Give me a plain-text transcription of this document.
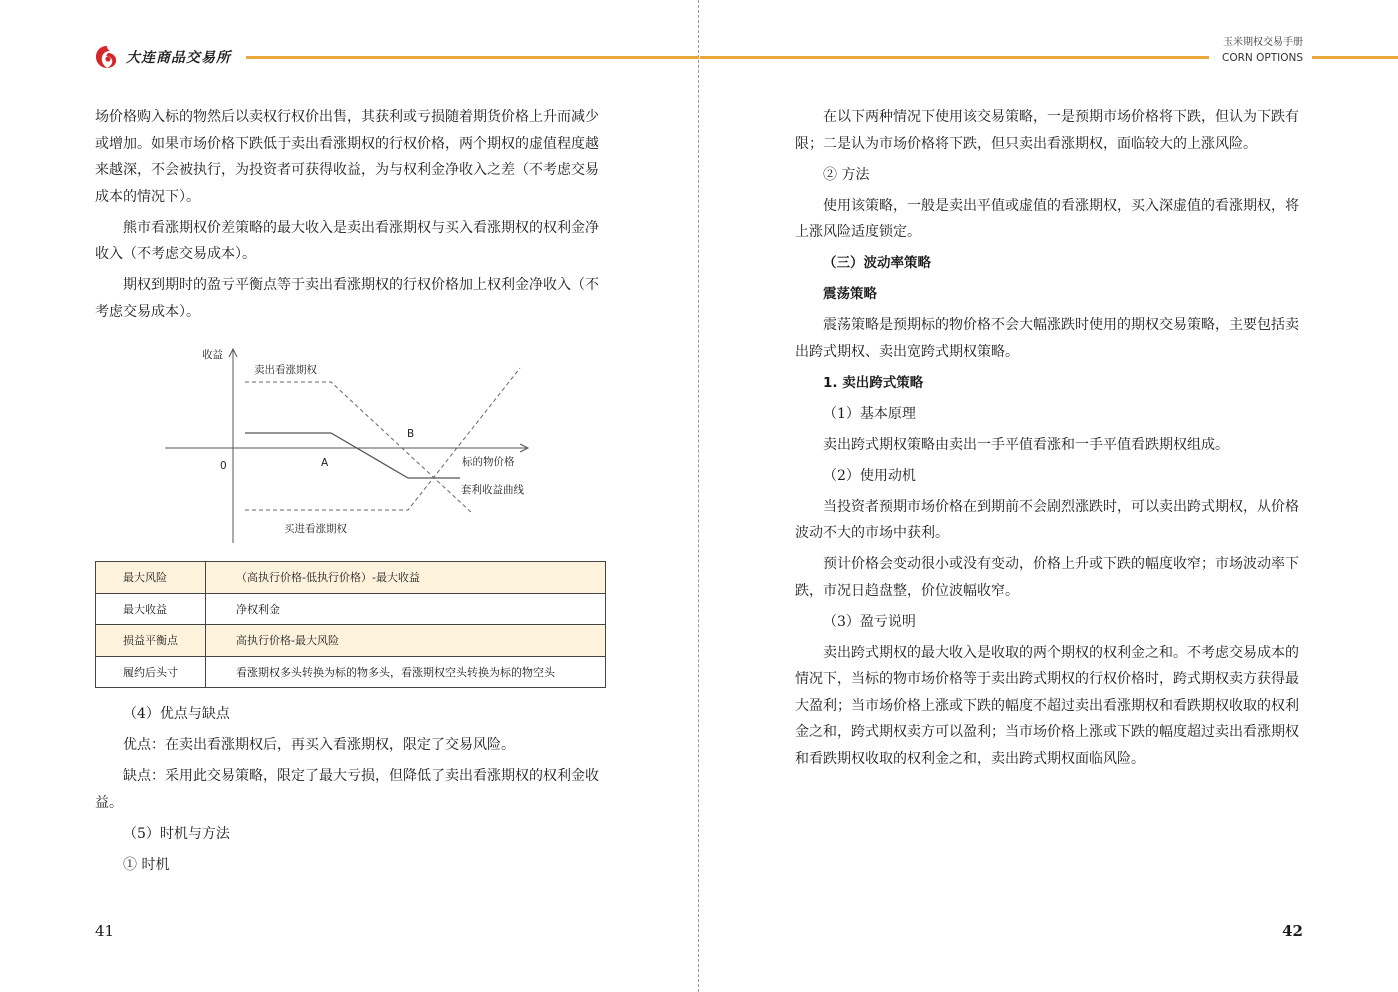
大连商品交易所

场价格购入标的物然后以卖权行权价出售，其获利或亏损随着期货价格上升而减少或增加。如果市场价格下跌低于卖出看涨期权的行权价格，两个期权的虚值程度越来越深，不会被执行，为投资者可获得收益，为与权利金净收入之差（不考虑交易成本的情况下）。

熊市看涨期权价差策略的最大收入是卖出看涨期权与买入看涨期权的权利金净收入（不考虑交易成本）。

期权到期时的盈亏平衡点等于卖出看涨期权的行权价格加上权利金净收入（不考虑交易成本）。

收益
0	A
B
标的物价格
卖出看涨期权
买进看涨期权
套利收益曲线
最大风险	（高执行价格-低执行价格）-最大收益
最大收益	净权利金
损益平衡点	高执行价格-最大风险
履约后头寸	看涨期权多头转换为标的物多头，看涨期权空头转换为标的物空头

（4）优点与缺点

优点：在卖出看涨期权后，再买入看涨期权，限定了交易风险。

缺点：采用此交易策略，限定了最大亏损，但降低了卖出看涨期权的权利金收益。

（5）时机与方法

① 时机

41
玉米期权交易手册
CORN OPTIONS

在以下两种情况下使用该交易策略，一是预期市场价格将下跌，但认为下跌有限；二是认为市场价格将下跌，但只卖出看涨期权，面临较大的上涨风险。

② 方法

使用该策略，一般是卖出平值或虚值的看涨期权，买入深虚值的看涨期权，将上涨风险适度锁定。

（三）波动率策略

震荡策略

震荡策略是预期标的物价格不会大幅涨跌时使用的期权交易策略，主要包括卖出跨式期权、卖出宽跨式期权策略。

1. 卖出跨式策略

（1）基本原理

卖出跨式期权策略由卖出一手平值看涨和一手平值看跌期权组成。

（2）使用动机

当投资者预期市场价格在到期前不会剧烈涨跌时，可以卖出跨式期权，从价格波动不大的市场中获利。

预计价格会变动很小或没有变动，价格上升或下跌的幅度收窄；市场波动率下跌，市况日趋盘整，价位波幅收窄。

（3）盈亏说明

卖出跨式期权的最大收入是收取的两个期权的权利金之和。不考虑交易成本的情况下，当标的物市场价格等于卖出跨式期权的行权价格时，跨式期权卖方获得最大盈利；当市场价格上涨或下跌的幅度不超过卖出看涨期权和看跌期权收取的权利金之和，跨式期权卖方可以盈利；当市场价格上涨或下跌的幅度超过卖出看涨期权和看跌期权收取的权利金之和，卖出跨式期权面临风险。

42
